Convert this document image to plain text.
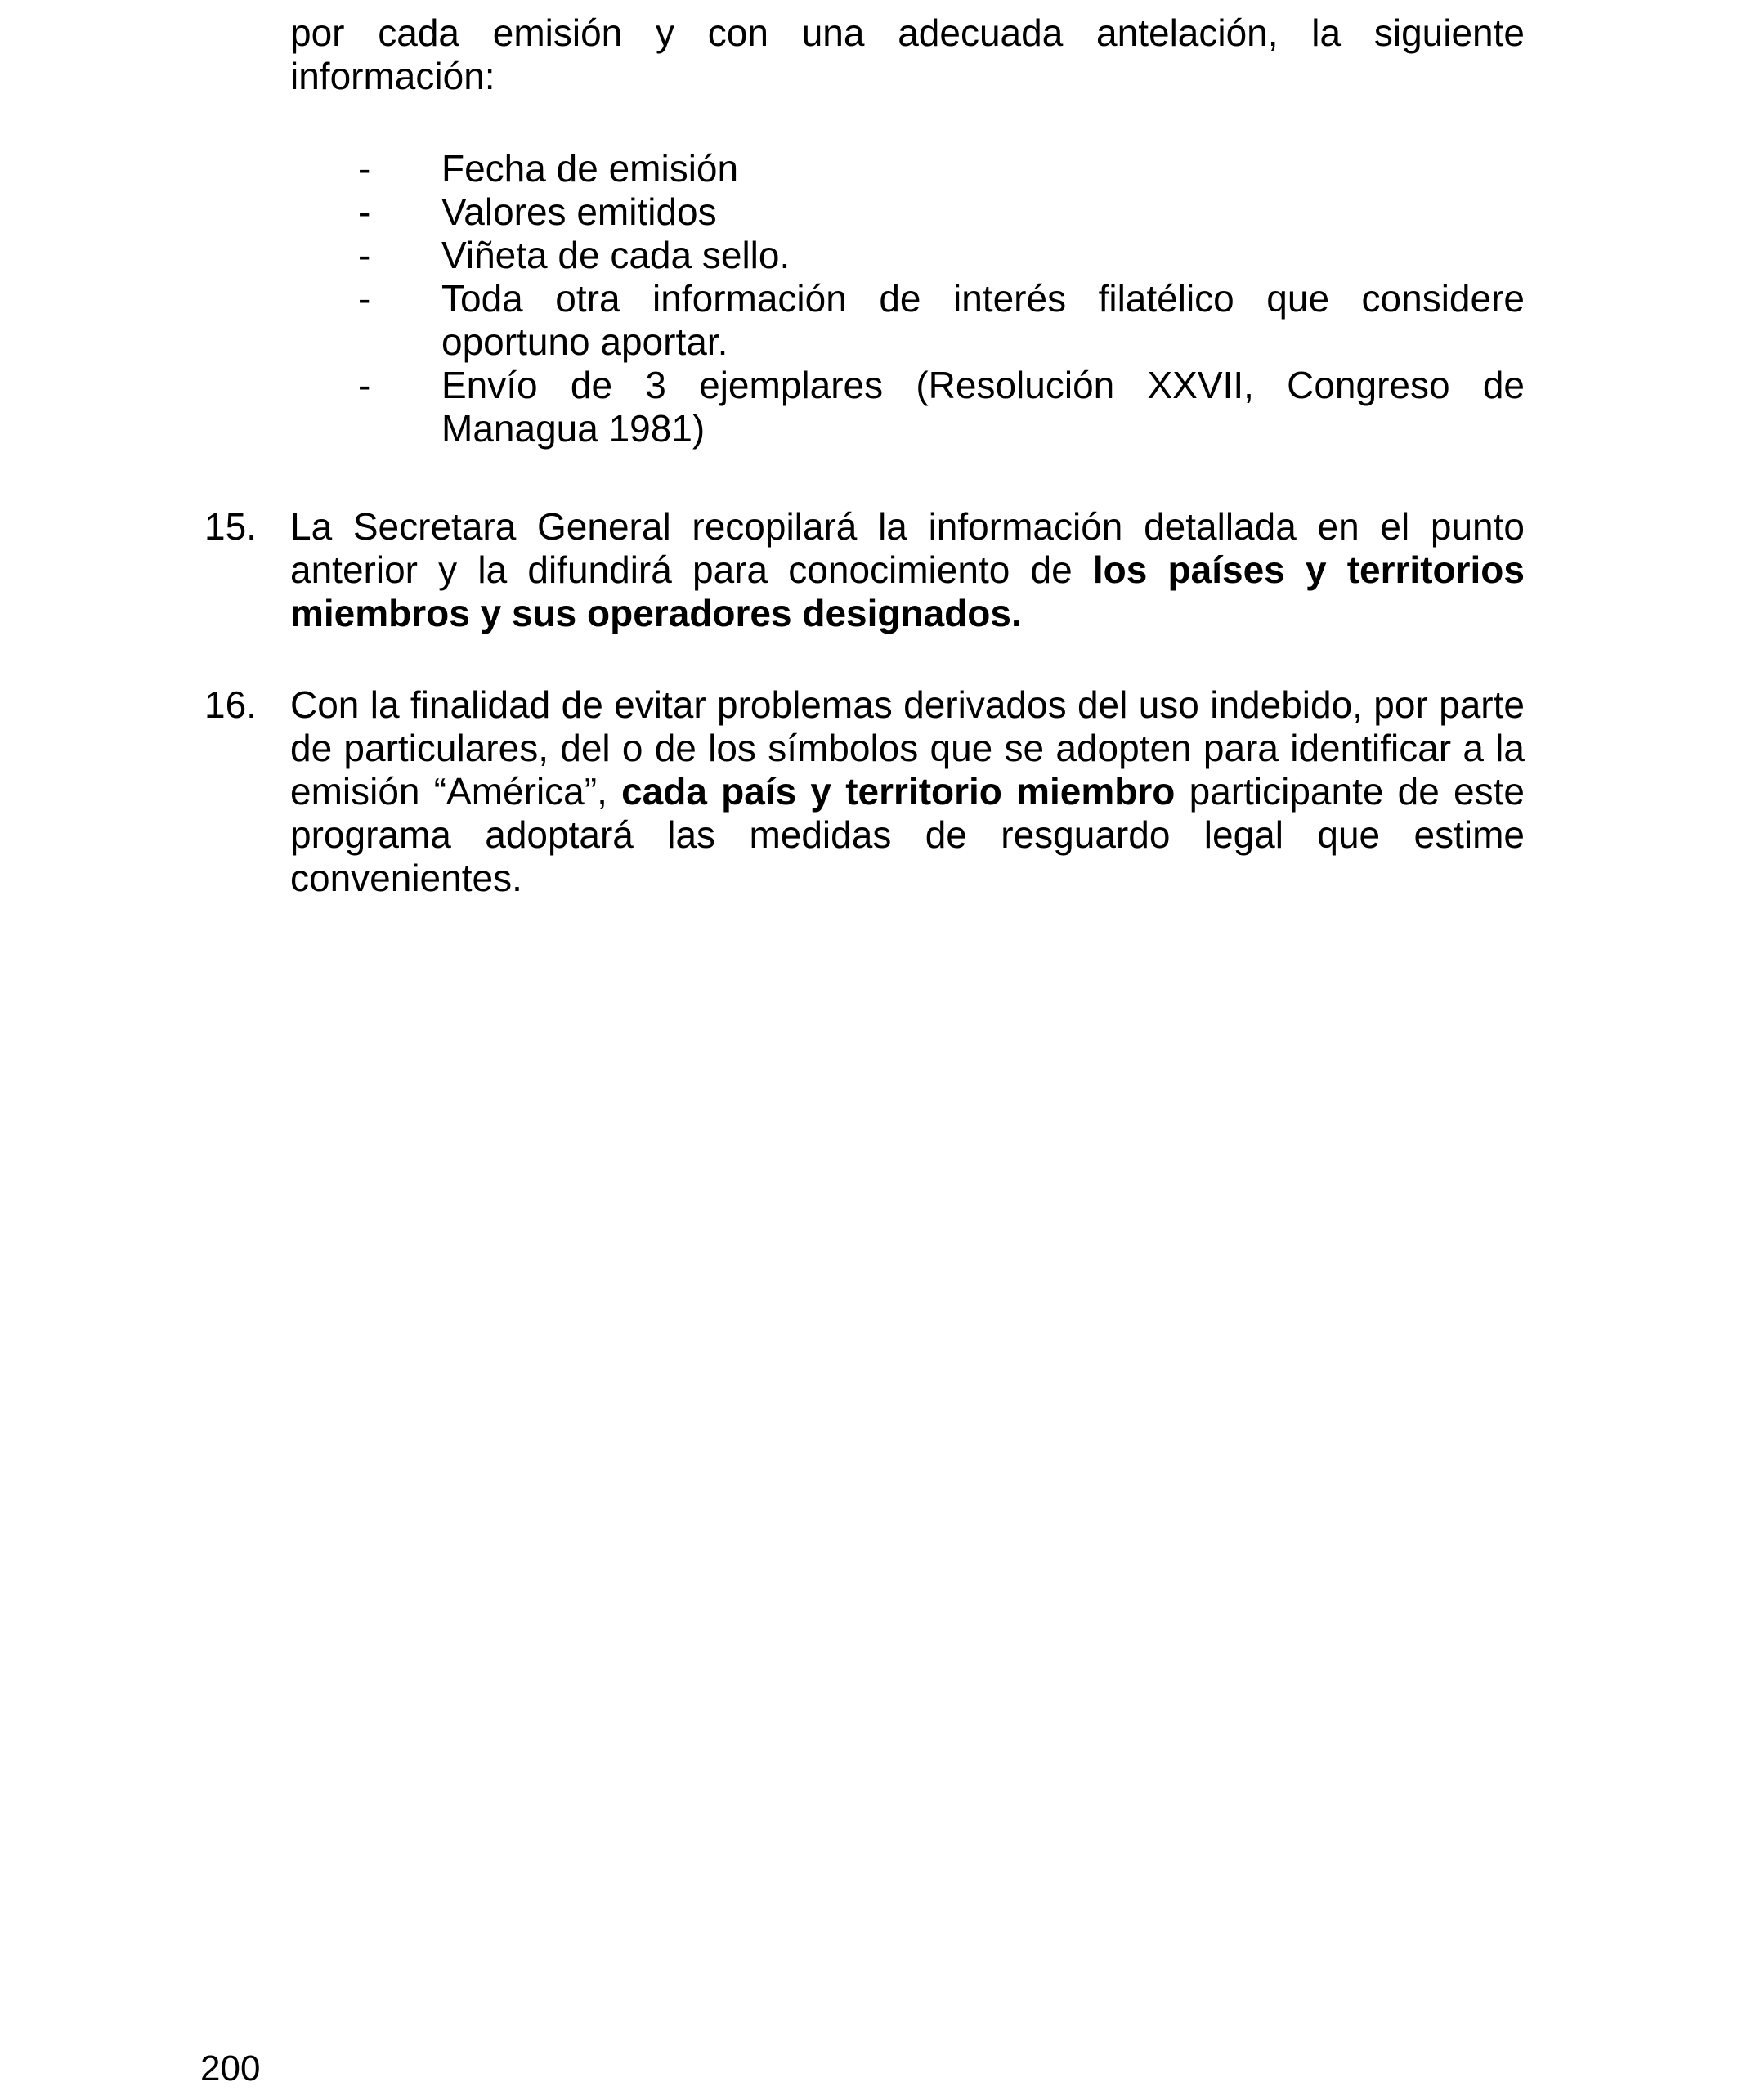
por cada emisión y con una adecuada antelación, la siguiente información:

- Fecha de emisión
- Valores emitidos
- Viñeta de cada sello.
- Toda otra información de interés filatélico que considere oportuno aportar.
- Envío de 3 ejemplares (Resolución XXVII, Congreso de Managua 1981)
15. La Secretara General recopilará la información detallada en el punto anterior y la difundirá para conocimiento de los países y territorios miembros y sus operadores designados.
16. Con la finalidad de evitar problemas derivados del uso indebido, por parte de particulares, del o de los símbolos que se adopten para identificar a la emisión “América”, cada país y territorio miembro participante de este programa adoptará las medidas de resguardo legal que estime convenientes.
200
